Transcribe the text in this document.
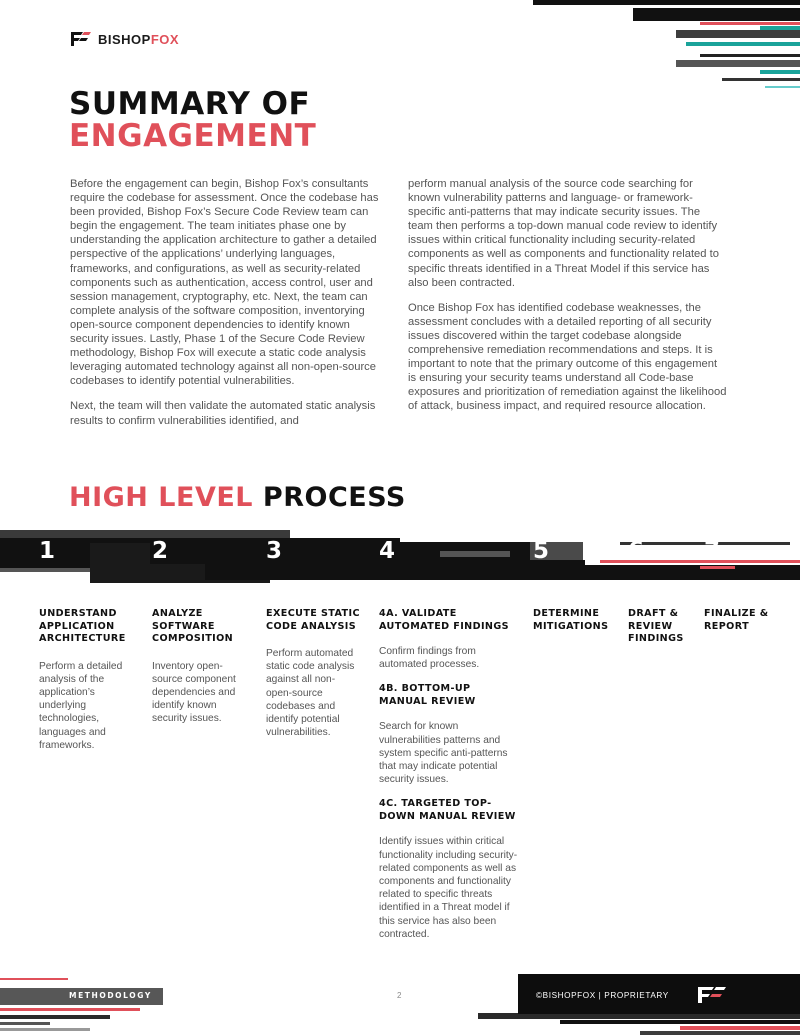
BISHOPFOX
SUMMARY OF
ENGAGEMENT

Before the engagement can begin, Bishop Fox’s consultants require the codebase for assessment. Once the codebase has been provided, Bishop Fox’s Secure Code Review team can begin the engagement. The team initiates phase one by understanding the application architecture to gather a detailed perspective of the applications’ underlying languages, frameworks, and configurations, as well as security-related components such as authentication, access control, user and session management, cryptography, etc. Next, the team can complete analysis of the software composition, inventorying open-source component dependencies to identify known security issues. Lastly, Phase 1 of the Secure Code Review methodology, Bishop Fox will execute a static code analysis leveraging automated technology against all non-open-source codebases to identify potential vulnerabilities.

Next, the team will then validate the automated static analysis results to confirm vulnerabilities identified, and

perform manual analysis of the source code searching for known vulnerability patterns and language- or framework-specific anti-patterns that may indicate security issues. The team then performs a top-down manual code review to identify issues within critical functionality including security-related components as well as components and functionality related to specific threats identified in a Threat Model if this service has also been contracted.

Once Bishop Fox has identified codebase weaknesses, the assessment concludes with a detailed reporting of all security issues discovered within the target codebase alongside comprehensive remediation recommendations and steps. It is important to note that the primary outcome of this engagement is ensuring your security teams understand all Code-base exposures and prioritization of remediation against the likelihood of attack, business impact, and required resource allocation.

HIGH LEVEL PROCESS
1	2	3	4	5	6	7
UNDERSTAND APPLICATION ARCHITECTURE
Perform a detailed analysis of the application’s underlying technologies, languages and frameworks.
ANALYZE SOFTWARE COMPOSITION
Inventory open-source component dependencies and identify known security issues.
EXECUTE STATIC CODE ANALYSIS
Perform automated static code analysis against all non-open-source codebases and identify potential vulnerabilities.
4A. VALIDATE AUTOMATED FINDINGS
Confirm findings from automated processes.
4B. BOTTOM-UP MANUAL REVIEW
Search for known vulnerabilities patterns and system specific anti-patterns that may indicate potential security issues.
4C. TARGETED TOP-DOWN MANUAL REVIEW
Identify issues within critical functionality including security-related components as well as components and functionality related to specific threats identified in a Threat model if this service has also been contracted.
DETERMINE MITIGATIONS
DRAFT & REVIEW FINDINGS
FINALIZE & REPORT
METHODOLOGY	2	©BISHOPFOX | PROPRIETARY
